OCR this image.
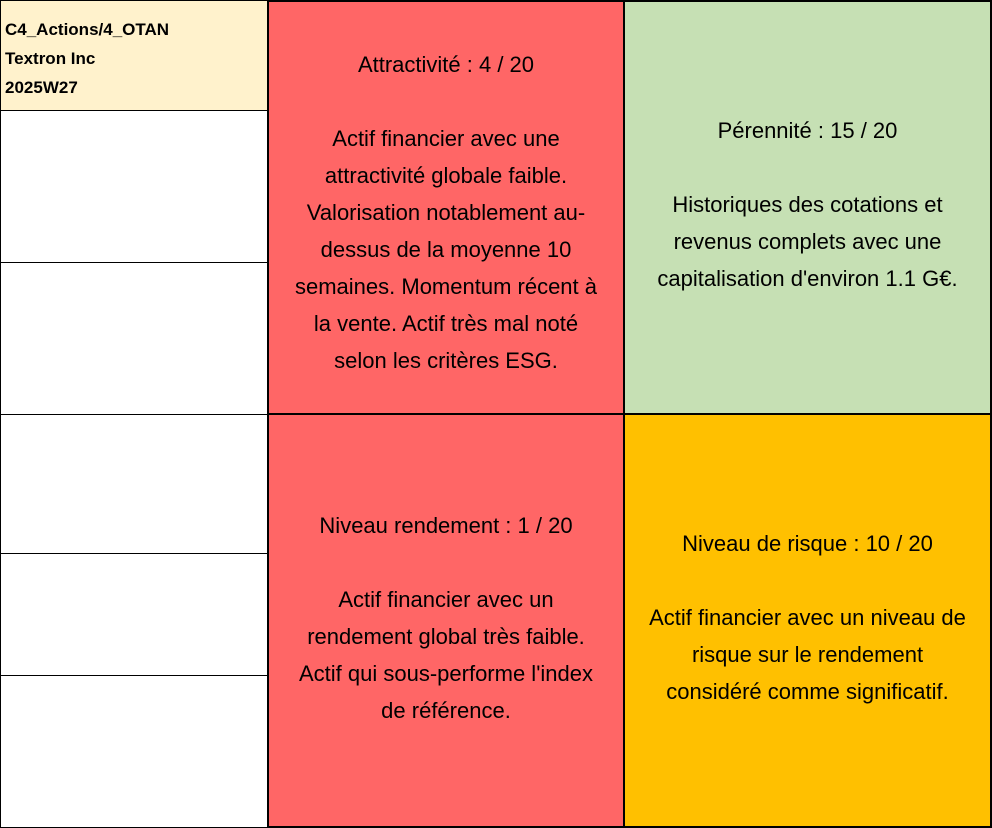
C4_Actions/4_OTAN
Textron Inc
2025W27
Attractivité : 4 / 20
Actif financier avec une
attractivité globale faible.
Valorisation notablement au-
dessus de la moyenne 10
semaines. Momentum récent à
la vente. Actif très mal noté
selon les critères ESG.
Pérennité : 15 / 20
Historiques des cotations et
revenus complets avec une
capitalisation d'environ 1.1 G€.
Niveau rendement : 1 / 20
Actif financier avec un
rendement global très faible.
Actif qui sous-performe l'index
de référence.
Niveau de risque : 10 / 20
Actif financier avec un niveau de
risque sur le rendement
considéré comme significatif.
